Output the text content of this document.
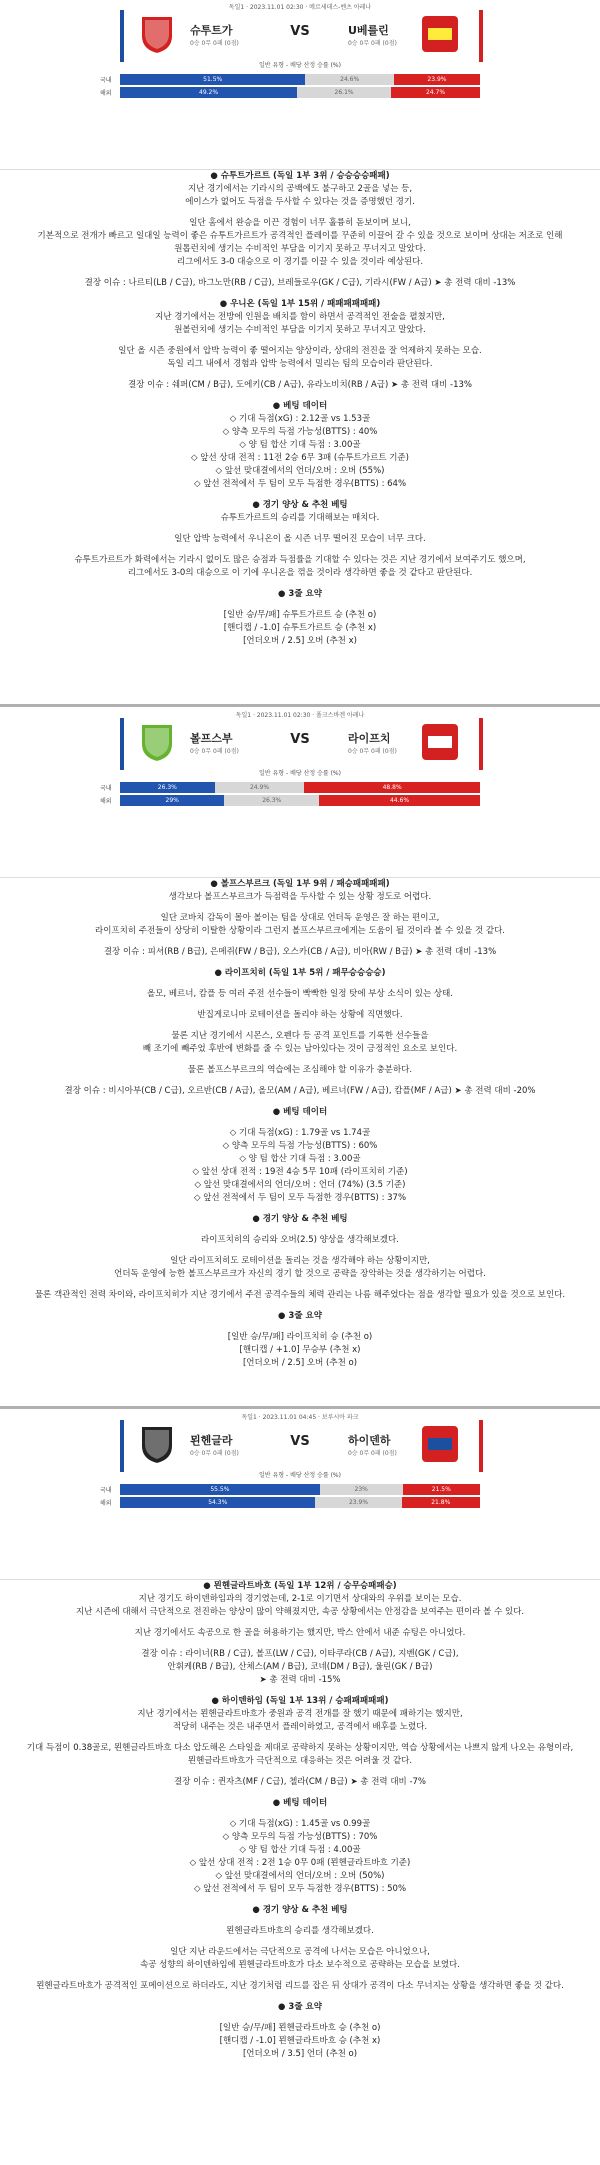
독일1 · 2023.11.01 02:30 · 메르세데스-벤츠 아레나
슈투트가
0승 0무 0패 (0점)
VS	U베를린
0승 0무 0패 (0점)
일반 유형 - 배당 산정 승률 (%)
51.5%	24.6%	23.9%
국내
49.2%	26.1%	24.7%
해외

● 슈투트가르트 (독일 1부 3위 / 승승승승패패)

지난 경기에서는 기라시의 공백에도 불구하고 2골을 넣는 등,

에이스가 없어도 득점을 두사할 수 있다는 것을 증명했던 경기.

일단 홈에서 완승을 이끈 경험이 너무 훌륭히 돋보이며 보니,

기본적으로 전개가 빠르고 일대일 능력이 좋은 슈투트가르트가 공격적인 플레이를 꾸준히 이끌어 갈 수 있을 것으로 보이며 상대는 저조로 인해

원톱런치에 생기는 수비적인 부담을 이기지 못하고 무너지고 말았다.

리그에서도 3-0 대승으로 이 경기를 이끌 수 있을 것이라 예상된다.

결장 이슈 : 나르티(LB / C급), 바그노만(RB / C급), 브레들로우(GK / C급), 기라시(FW / A급) ➤ 총 전력 대비 -13%

● 우니온 (독일 1부 15위 / 패패패패패패)

지난 경기에서는 전방에 인원을 배치를 함이 하면서 공격적인 전술을 펼쳤지만,

원볼런치에 생기는 수비적인 부담을 이기지 못하고 무너지고 말았다.

일단 올 시즌 중원에서 압박 능력이 좋 떨어지는 양상이라, 상대의 전진을 잘 억제하지 못하는 모습.

독일 리그 내에서 경험과 압박 능력에서 밀리는 팀의 모습이라 판단된다.

결장 이슈 : 쉐퍼(CM / B급), 도에키(CB / A급), 유라노비치(RB / A급) ➤ 총 전력 대비 -13%

● 베팅 데이터

◇ 기대 득점(xG) : 2.12골 vs 1.53골

◇ 양측 모두의 득점 가능성(BTTS) : 40%

◇ 양 팀 합산 기대 득점 : 3.00골

◇ 앞선 상대 전적 : 11전 2승 6무 3패 (슈투트가르트 기준)

◇ 앞선 맞대결에서의 언더/오버 : 오버 (55%)

◇ 앞선 전적에서 두 팀이 모두 득점한 경우(BTTS) : 64%

● 경기 양상 & 추천 베팅

슈투트가르트의 승리를 기대해보는 매치다.

일단 압박 능력에서 우니온이 올 시즌 너무 떨어진 모습이 너무 크다.

슈투트가르트가 화력에서는 기라시 없이도 많은 승점과 득점률을 기대할 수 있다는 것은 지난 경기에서 보여주기도 했으며,

리그에서도 3-0의 대승으로 이 기에 우니온을 꺾을 것이라 생각하면 좋을 것 같다고 판단된다.

● 3줄 요약

[일반 승/무/패] 슈투트가르트 승 (추천 o)

[핸디캡 / -1.0] 슈투트가르트 승 (추천 x)

[언더오버 / 2.5] 오버 (추천 x)

독일1 · 2023.11.01 02:30 · 폴크스바겐 아레나
볼프스부
0승 0무 0패 (0점)
VS	라이프치
0승 0무 0패 (0점)
일반 유형 - 배당 산정 승률 (%)
26.3%	24.9%	48.8%
국내
29%	26.3%	44.6%
해외

● 볼프스부르크 (독일 1부 9위 / 패승패패패패)

생각보다 볼프스부르크가 득점력을 두사할 수 있는 상황 정도로 어렵다.

일단 코바치 감독이 몰아 볼이는 팀을 상대로 언더독 운영은 잘 하는 편이고,

라이프치히 주전들이 상당히 이탈한 상황이라 그런지 볼프스부르크에게는 도움이 될 것이라 볼 수 있을 것 같다.

결장 이슈 : 피셔(RB / B급), 은메쥐(FW / B급), 오스카(CB / A급), 비아(RW / B급) ➤ 총 전력 대비 -13%

● 라이프치히 (독일 1부 5위 / 패무승승승승)

올모, 베르너, 캄플 등 여러 주전 선수들이 빡빡한 일정 탓에 부상 소식이 있는 상태.

반집게로니마 로테이션을 돌리야 하는 상황에 직면했다.

물론 지난 경기에서 시몬스, 오펜다 등 공격 포인트를 기록한 선수들을

빼 조기에 빼주었 후반에 변화를 줄 수 있는 남아있다는 것이 긍정적인 요소로 보인다.

물론 볼프스부르크의 역습에는 조심해야 할 이유가 충분하다.

결장 이슈 : 비시아부(CB / C급), 오르반(CB / A급), 올모(AM / A급), 베르너(FW / A급), 캄플(MF / A급) ➤ 총 전력 대비 -20%

● 베팅 데이터

◇ 기대 득점(xG) : 1.79골 vs 1.74골

◇ 양측 모두의 득점 가능성(BTTS) : 60%

◇ 양 팀 합산 기대 득점 : 3.00골

◇ 앞선 상대 전적 : 19전 4승 5무 10패 (라이프치히 기준)

◇ 앞선 맞대결에서의 언더/오버 : 언더 (74%) (3.5 기준)

◇ 앞선 전적에서 두 팀이 모두 득점한 경우(BTTS) : 37%

● 경기 양상 & 추천 베팅

라이프치히의 승리와 오버(2.5) 양상을 생각해보겠다.

일단 라이프치히도 로테이션을 돌리는 것을 생각해야 하는 상황이지만,

언더독 운영에 능한 볼프스부르크가 자신의 경기 할 것으로 공략을 장악하는 것을 생각하기는 어렵다.

물론 객관적인 전력 차이와, 라이프치히가 지난 경기에서 주전 공격수들의 체력 관리는 나름 해주었다는 점을 생각할 필요가 있을 것으로 보인다.

● 3줄 요약

[일반 승/무/패] 라이프치히 승 (추천 o)

[핸디캡 / +1.0] 무승부 (추천 x)

[언더오버 / 2.5] 오버 (추천 o)

독일1 · 2023.11.01 04:45 · 보루시아 파크
묀헨글라
0승 0무 0패 (0점)
VS	하이덴하
0승 0무 0패 (0점)
일반 유형 - 배당 산정 승률 (%)
55.5%	23%	21.5%
국내
54.3%	23.9%	21.8%
해외

● 묀헨글라트바흐 (독일 1부 12위 / 승무승패패승)

지난 경기도 하이덴하임과의 경기였는데, 2-1로 이기면서 상대와의 우위를 보이는 모습.

지난 시즌에 대해서 극단적으로 전진하는 양상이 많이 약해졌지만, 속공 상황에서는 안정감을 보여주는 편이라 볼 수 있다.

지난 경기에서도 속공으로 한 골을 허용하기는 했지만, 박스 안에서 내준 슈팅은 아니었다.

결장 이슈 : 라이너(RB / C급), 볼프(LW / C급), 이타쿠라(CB / A급), 지벤(GK / C급),

안휘케(RB / B급), 산체스(AM / B급), 코네(DM / B급), 울린(GK / B급)

➤ 총 전력 대비 -15%

● 하이덴하임 (독일 1부 13위 / 승패패패패패)

지난 경기에서는 묀헨글라트바흐가 중원과 공격 전개를 잘 했기 때문에 패하기는 했지만,

적당히 내주는 것은 내주면서 플레이하였고, 공격에서 배후를 노렸다.

기대 득점이 0.38골로, 묀헨글라트바흐 다소 압도해온 스타일을 제대로 공략하지 못하는 상황이지만, 역습 상황에서는 나쁘지 않게 나오는 유형이라,

묀헨글라트바흐가 극단적으로 대응하는 것은 어려울 것 같다.

결장 이슈 : 퀸자츠(MF / C급), 첼라(CM / B급) ➤ 총 전력 대비 -7%

● 베팅 데이터

◇ 기대 득점(xG) : 1.45골 vs 0.99골

◇ 양측 모두의 득점 가능성(BTTS) : 70%

◇ 양 팀 합산 기대 득점 : 4.00골

◇ 앞선 상대 전적 : 2전 1승 0무 0패 (묀헨글라트바흐 기준)

◇ 앞선 맞대결에서의 언더/오버 : 오버 (50%)

◇ 앞선 전적에서 두 팀이 모두 득점한 경우(BTTS) : 50%

● 경기 양상 & 추천 베팅

묀헨글라트바흐의 승리를 생각해보겠다.

일단 지난 라운드에서는 극단적으로 공격에 나서는 모습은 아니었으나,

속공 성향의 하이덴하임에 묀헨글라트바흐가 다소 보수적으로 공략하는 모습을 보였다.

묀헨글라트바흐가 공격적인 포메이션으로 하더라도, 지난 경기처럼 리드를 잡은 뒤 상대가 공격이 다소 무너지는 상황을 생각하면 좋을 것 같다.

● 3줄 요약

[일반 승/무/패] 묀헨글라트바흐 승 (추천 o)

[핸디캡 / -1.0] 묀헨글라트바흐 승 (추천 x)

[언더오버 / 3.5] 언더 (추천 o)
